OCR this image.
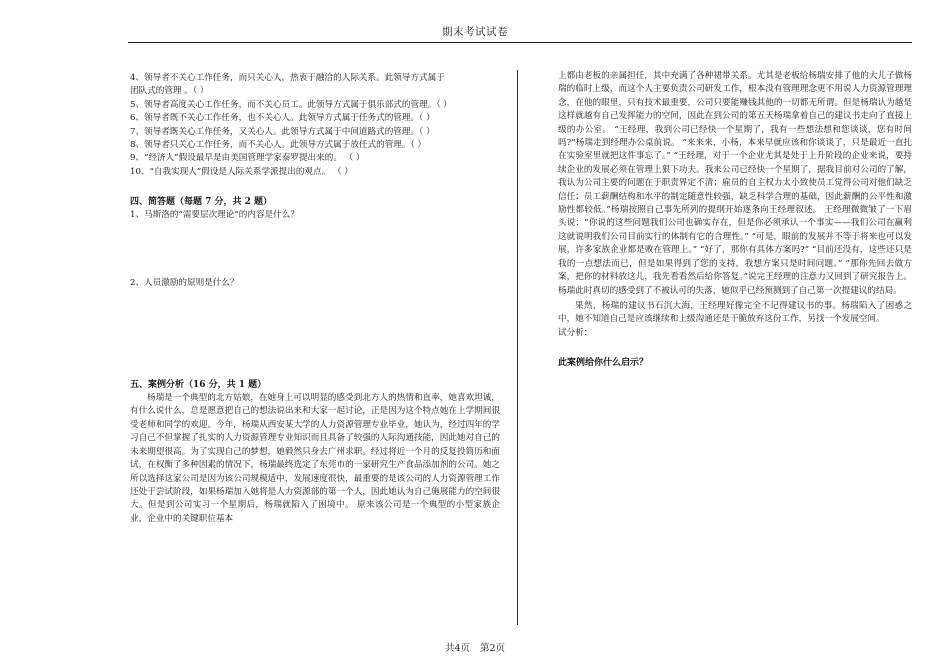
期末考试试卷
4、领导者不关心工作任务，而只关心人，热衷于融洽的人际关系。此领导方式属于
团队式的管理 。（ ）
5、领导者高度关心工作任务，而不关心员工。此领导方式属于俱乐部式的管理。（ ）
6、领导者既不关心工作任务，也不关心人。此领导方式属于任务式的管理。（ ）
7、领导者既关心工作任务，又关心人。此领导方式属于中间道路式的管理。（ ）
8、领导者只关心工作任务，而不关心人。此领导方式属于放任式的管理。（ ）
9、“经济人”假设最早是由美国管理学家泰罗提出来的。 （ ）
10、“自我实现人”假设是人际关系学派提出的观点。 （ ）
四、简答题（每题 7 分，共 2 题）
1、马斯洛的“需要层次理论”的内容是什么？
2、人员激励的原则是什么？
五、案例分析（16 分，共 1 题）

杨瑞是一个典型的北方姑娘，在她身上可以明显的感受到北方人的热情和直率，她喜欢坦诚，有什么说什么，总是愿意把自己的想法说出来和大家一起讨论，正是因为这个特点她在上学期间很受老师和同学的欢迎。今年，杨瑞从西安某大学的人力资源管理专业毕业，她认为，经过四年的学习自己不但掌握了扎实的人力资源管理专业知识而且具备了较强的人际沟通技能，因此她对自己的未来期望很高。为了实现自己的梦想，她毅然只身去广州求职。经过将近一个月的反复投简历和面试，在权衡了多种因素的情况下，杨瑞最终选定了东莞市的一家研究生产食品添加剂的公司。她之所以选择这家公司是因为该公司规模适中，发展速度很快，最重要的是该公司的人力资源管理工作还处于尝试阶段，如果杨瑞加入她将是人力资源部的第一个人，因此她认为自己施展能力的空间很大。但是到公司实习一个星期后，杨瑞就陷入了困境中。 原来该公司是一个典型的小型家族企业，企业中的关键职位基本

上都由老板的亲属担任，其中充满了各种裙带关系。尤其是老板给杨瑞安排了他的大儿子做杨瑞的临时上级，而这个人主要负责公司研发工作，根本没有管理理念更不用说人力资源管理理念，在他的眼里，只有技术最重要，公司只要能赚钱其他的一切都无所谓。但是杨瑞认为越是这样就越有自己发挥能力的空间，因此在到公司的第五天杨瑞拿着自己的建议书走向了直接上级的办公室。 “王经理，我到公司已经快一个星期了，我有一些想法想和您谈谈，您有时间吗?”杨瑞走到经理办公桌前说。 “来来来，小杨，本来早就应该和你谈谈了，只是最近一直扎在实验室里就把这件事忘了。” “王经理，对于一个企业尤其是处于上升阶段的企业来说，要持续企业的发展必须在管理上狠下功夫。我来公司已经快一个星期了，据我目前对公司的了解，我认为公司主要的问题在于职责界定不清；雇员的自主权力太小致使员工觉得公司对他们缺乏信任；员工薪酬结构和水平的制定随意性较强，缺乏科学合理的基础，因此薪酬的公平性和激励性都较低。”杨瑞按照自己事先所列的提纲开始逐条向王经理叙述。 王经理微微皱了一下眉头说：“你说的这些问题我们公司也确实存在，但是你必须承认一个事实——我们公司在赢利这就说明我们公司目前实行的体制有它的合理性。” “可是，眼前的发展并不等于将来也可以发展，许多家族企业都是败在管理上。” “好了，那你有具体方案吗?” “目前还没有，这些还只是我的一点想法而已，但是如果得到了您的支持，我想方案只是时间问题。” “那你先回去做方案，把你的材料放这儿，我先看看然后给你答复。”说完王经理的注意力又回到了研究报告上。 杨瑞此时真切的感受到了不被认可的失落，她似乎已经预测到了自己第一次提建议的结局。

果然，杨瑞的建议书石沉大海，王经理好像完全不记得建议书的事。杨瑞陷入了困惑之中，她不知道自己是应该继续和上级沟通还是干脆放弃这份工作，另找一个发展空间。

试分析：
此案例给你什么启示？
共4页 第2页
